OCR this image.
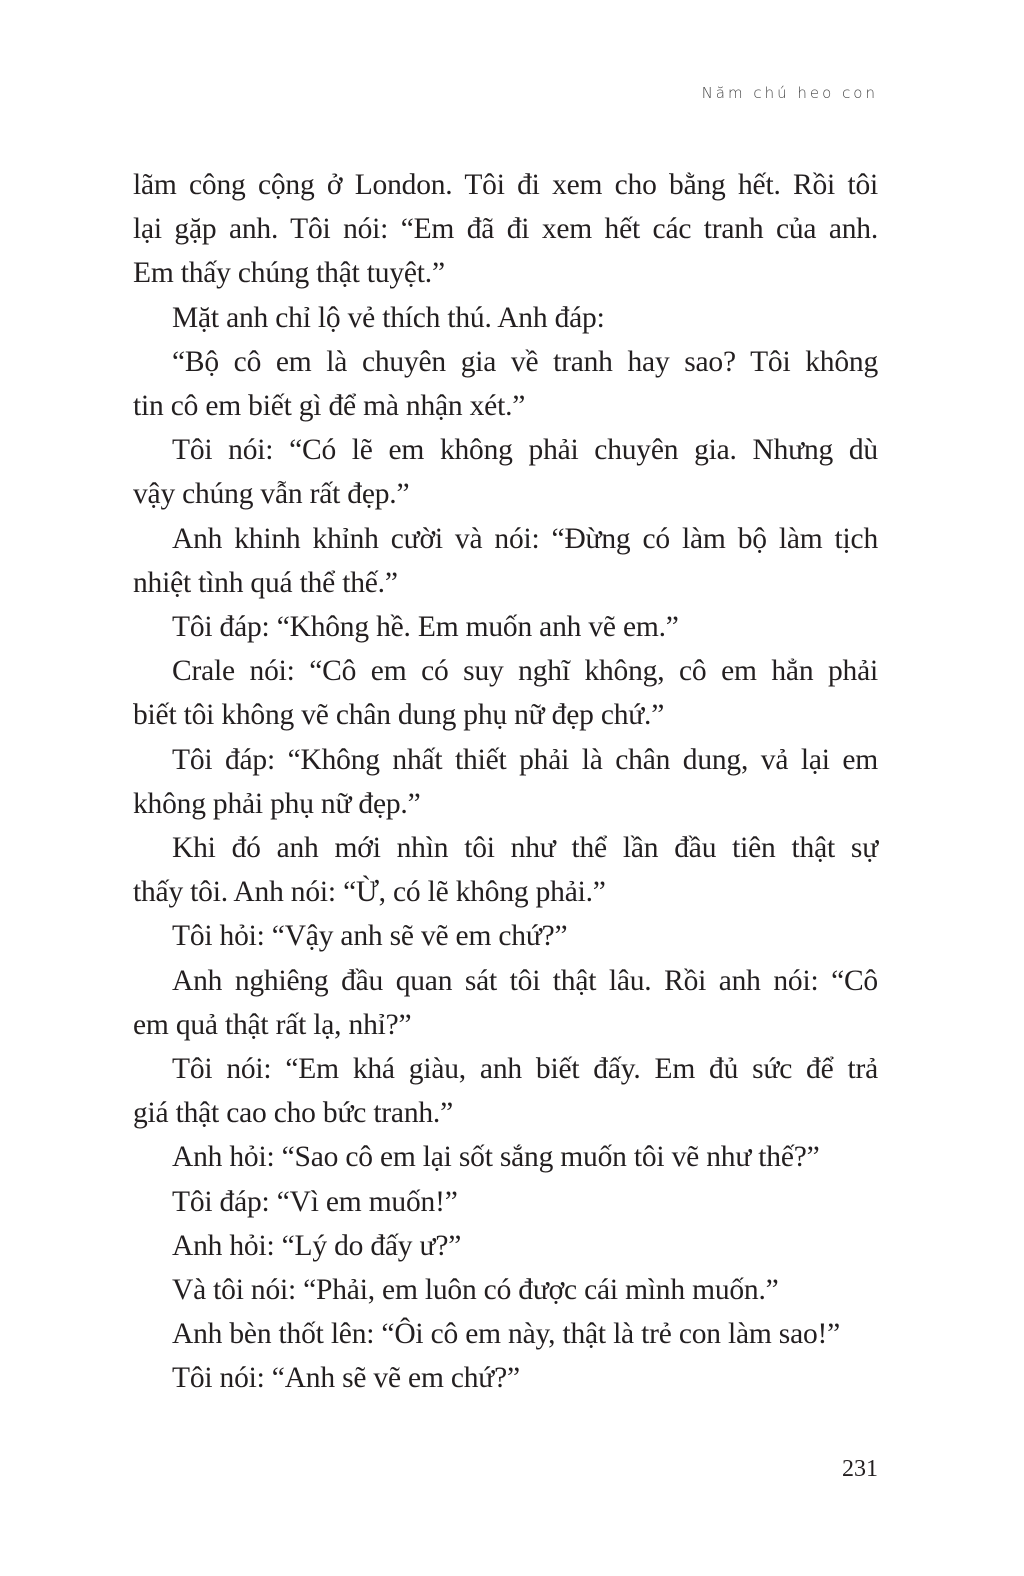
Năm chú heo con
lãm công cộng ở London. Tôi đi xem cho bằng hết. Rồi tôi
lại gặp anh. Tôi nói: “Em đã đi xem hết các tranh của anh.
Em thấy chúng thật tuyệt.”
Mặt anh chỉ lộ vẻ thích thú. Anh đáp:
“Bộ cô em là chuyên gia về tranh hay sao? Tôi không
tin cô em biết gì để mà nhận xét.”
Tôi nói: “Có lẽ em không phải chuyên gia. Nhưng dù
vậy chúng vẫn rất đẹp.”
Anh khinh khỉnh cười và nói: “Đừng có làm bộ làm tịch
nhiệt tình quá thể thế.”
Tôi đáp: “Không hề. Em muốn anh vẽ em.”
Crale nói: “Cô em có suy nghĩ không, cô em hẳn phải
biết tôi không vẽ chân dung phụ nữ đẹp chứ.”
Tôi đáp: “Không nhất thiết phải là chân dung, vả lại em
không phải phụ nữ đẹp.”
Khi đó anh mới nhìn tôi như thể lần đầu tiên thật sự
thấy tôi. Anh nói: “Ừ, có lẽ không phải.”
Tôi hỏi: “Vậy anh sẽ vẽ em chứ?”
Anh nghiêng đầu quan sát tôi thật lâu. Rồi anh nói: “Cô
em quả thật rất lạ, nhỉ?”
Tôi nói: “Em khá giàu, anh biết đấy. Em đủ sức để trả
giá thật cao cho bức tranh.”
Anh hỏi: “Sao cô em lại sốt sắng muốn tôi vẽ như thế?”
Tôi đáp: “Vì em muốn!”
Anh hỏi: “Lý do đấy ư?”
Và tôi nói: “Phải, em luôn có được cái mình muốn.”
Anh bèn thốt lên: “Ôi cô em này, thật là trẻ con làm sao!”
Tôi nói: “Anh sẽ vẽ em chứ?”
231
